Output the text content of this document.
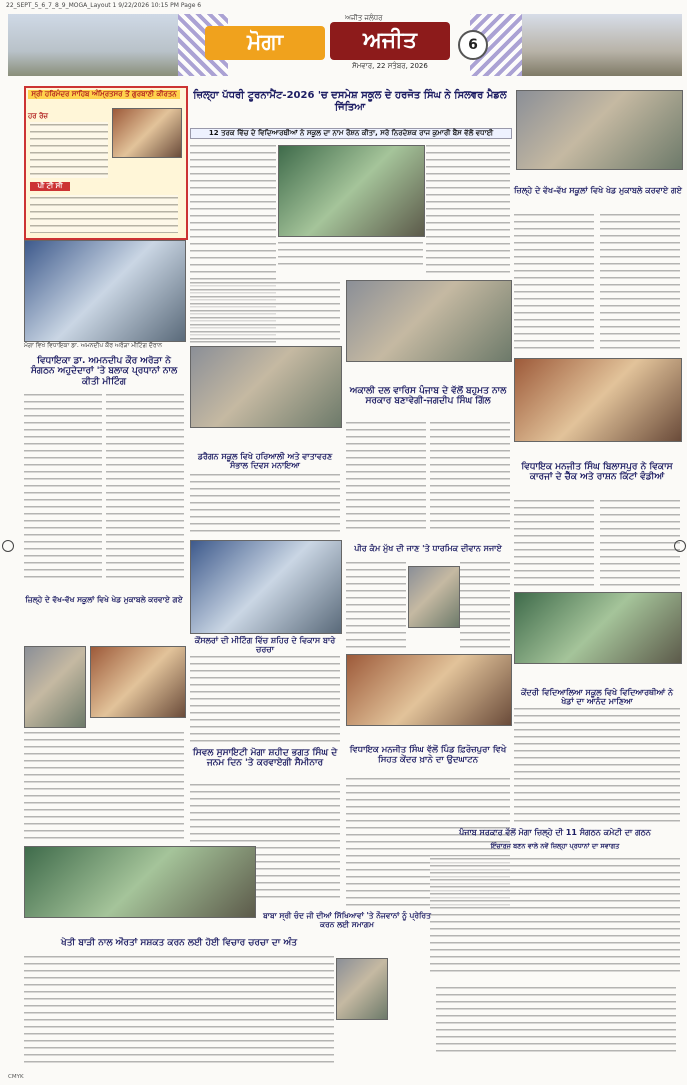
22_SEPT_5_6_7_8_9_MOGA_Layout 1 9/22/2026 10:15 PM Page 6
ਮੋਗਾ	ਅਜੀਤ
ਅਜੀਤ ਜਲੰਧਰ
ਸੋਮਵਾਰ, 22 ਸਤੰਬਰ, 2026
6
ਸ੍ਰੀ ਹਰਿਮੰਦਰ ਸਾਹਿਬ ਅੰਮ੍ਰਿਤਸਰ ਤੋਂ ਗੁਰਬਾਣੀ ਕੀਰਤਨ
ਹਰ ਰੋਜ਼
ਪੀ ਟੀ ਸੀ
ਜ਼ਿਲ੍ਹਾ ਪੱਧਰੀ ਟੂਰਨਾਮੈਂਟ-2026 'ਚ ਦਸਮੇਸ਼ ਸਕੂਲ ਦੇ ਹਰਜੋਤ ਸਿੰਘ ਨੇ ਸਿਲਵਰ ਮੈਡਲ ਜਿੱਤਿਆ
12 ਤਰਕ ਵਿੱਚ ਦੇ ਵਿਦਿਆਰਥੀਆਂ ਨੇ ਸਕੂਲ ਦਾ ਨਾਮ ਰੌਸ਼ਨ ਕੀਤਾ, ਸਰੋ ਨਿਰਦੇਸ਼ਕ ਰਾਜ ਕੁਮਾਰੀ ਬੈਂਸ ਵੱਲੋਂ ਵਧਾਈ
ਜ਼ਿਲ੍ਹੇ ਦੇ ਵੱਖ-ਵੱਖ ਸਕੂਲਾਂ ਵਿਖੇ ਖੇਡ ਮੁਕਾਬਲੇ ਕਰਵਾਏ ਗਏ
ਮੋਗਾ ਵਿਖੇ ਵਿਧਾਇਕਾ ਡਾ. ਅਮਨਦੀਪ ਕੌਰ ਅਰੋੜਾ ਮੀਟਿੰਗ ਦੌਰਾਨ
ਵਿਧਾਇਕਾ ਡਾ. ਅਮਨਦੀਪ ਕੌਰ ਅਰੋੜਾ ਨੇ ਸੰਗਠਨ ਅਹੁਦੇਦਾਰਾਂ 'ਤੇ ਬਲਾਕ ਪ੍ਰਧਾਨਾਂ ਨਾਲ ਕੀਤੀ ਮੀਟਿੰਗ
ਡਰੈਗਨ ਸਕੂਲ ਵਿਖੇ ਹਰਿਆਲੀ ਅਤੇ ਵਾਤਾਵਰਣ ਸੰਭਾਲ ਦਿਵਸ ਮਨਾਇਆ
ਅਕਾਲੀ ਦਲ ਵਾਰਿਸ ਪੰਜਾਬ ਦੇ ਵੱਲੋਂ ਬਹੁਮਤ ਨਾਲ ਸਰਕਾਰ ਬਣਾਵੇਗੀ-ਜਗਦੀਪ ਸਿੰਘ ਗਿੱਲ
ਵਿਧਾਇਕ ਮਨਜੀਤ ਸਿੰਘ ਬਿਲਾਸਪੁਰ ਨੇ ਵਿਕਾਸ ਕਾਰਜਾਂ ਦੇ ਚੈੱਕ ਅਤੇ ਰਾਸ਼ਨ ਕਿੱਟਾਂ ਵੰਡੀਆਂ
ਕੇਂਦਰੀ ਵਿਦਿਆਲਿਆ ਸਕੂਲ ਵਿਖੇ ਵਿਦਿਆਰਥੀਆਂ ਨੇ ਖੇਡਾਂ ਦਾ ਆਨੰਦ ਮਾਣਿਆ
ਪੀਰ ਕੰਮ ਮੁੱਖ ਦੀ ਜਾਣ 'ਤੇ ਧਾਰਮਿਕ ਦੀਵਾਨ ਸਜਾਏ
ਕੌਂਸਲਰਾਂ ਦੀ ਮੀਟਿੰਗ ਵਿੱਚ ਸ਼ਹਿਰ ਦੇ ਵਿਕਾਸ ਬਾਰੇ ਚਰਚਾ
ਜ਼ਿਲ੍ਹੇ ਦੇ ਵੱਖ-ਵੱਖ ਸਕੂਲਾਂ ਵਿਖੇ ਖੇਡ ਮੁਕਾਬਲੇ ਕਰਵਾਏ ਗਏ
ਸਿਵਲ ਸੁਸਾਇਟੀ ਮੋਗਾ ਸ਼ਹੀਦ ਭਗਤ ਸਿੰਘ ਦੇ ਜਨਮ ਦਿਨ 'ਤੇ ਕਰਵਾਏਗੀ ਸੈਮੀਨਾਰ
ਵਿਧਾਇਕ ਮਨਜੀਤ ਸਿੰਘ ਵੱਲੋਂ ਪਿੰਡ ਫ਼ਿਰੋਜ਼ਪੁਰਾ ਵਿਖੇ ਸਿਹਤ ਕੇਂਦਰ ਖ਼ਾਨੇ ਦਾ ਉਦਘਾਟਨ
ਪੰਜਾਬ ਸਰਕਾਰ ਵੱਲੋਂ ਮੋਗਾ ਜ਼ਿਲ੍ਹੇ ਦੀ 11 ਸੰਗਠਨ ਕਮੇਟੀ ਦਾ ਗਠਨ
ਇੰਚਾਰਜ ਬਣਨ ਵਾਲੇ ਨਵੇਂ ਜ਼ਿਲ੍ਹਾ ਪ੍ਰਧਾਨਾਂ ਦਾ ਸਵਾਗਤ
ਖੇਤੀ ਬਾੜੀ ਨਾਲ ਔਰਤਾਂ ਸਸ਼ਕਤ ਕਰਨ ਲਈ ਹੋਈ ਵਿਚਾਰ ਚਰਚਾ ਦਾ ਅੰਤ
ਬਾਬਾ ਸ੍ਰੀ ਚੰਦ ਜੀ ਦੀਆਂ ਸਿੱਖਿਆਵਾਂ 'ਤੇ ਨੌਜਵਾਨਾਂ ਨੂੰ ਪ੍ਰੇਰਿਤ ਕਰਨ ਲਈ ਸਮਾਗਮ
CMYK
